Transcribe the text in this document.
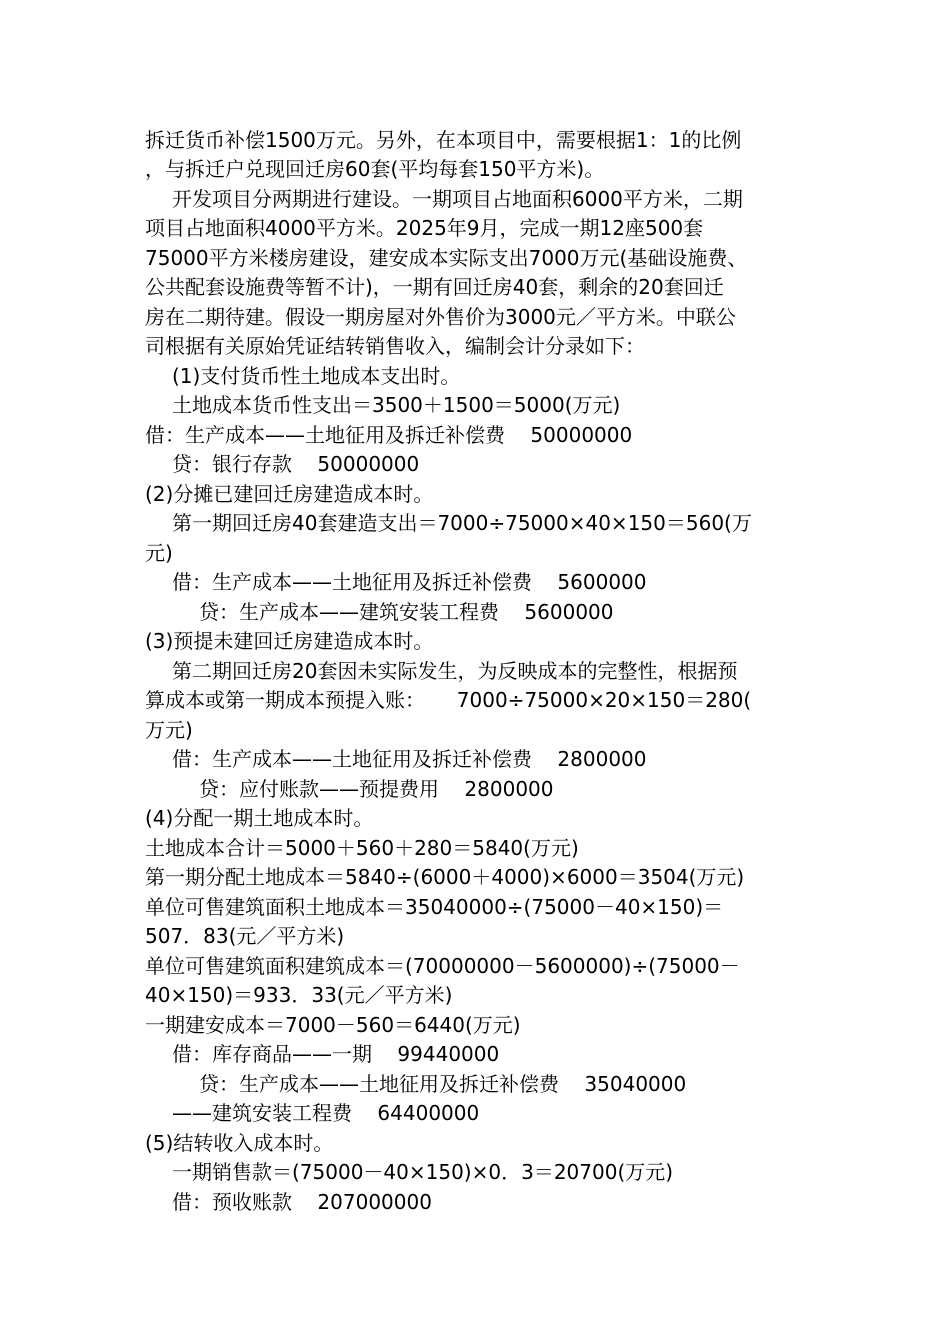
拆迁货币补偿1500万元。另外，在本项目中，需要根据1：1的比例
，与拆迁户兑现回迁房60套(平均每套150平方米)。
开发项目分两期进行建设。一期项目占地面积6000平方米，二期
项目占地面积4000平方米。2025年9月，完成一期12座500套
75000平方米楼房建设，建安成本实际支出7000万元(基础设施费、
公共配套设施费等暂不计)，一期有回迁房40套，剩余的20套回迁
房在二期待建。假设一期房屋对外售价为3000元／平方米。中联公
司根据有关原始凭证结转销售收入，编制会计分录如下：
(1)支付货币性土地成本支出时。
土地成本货币性支出＝3500＋1500＝5000(万元)
借：生产成本——土地征用及拆迁补偿费    50000000
贷：银行存款    50000000
(2)分摊已建回迁房建造成本时。
第一期回迁房40套建造支出＝7000÷75000×40×150＝560(万
元)
借：生产成本——土地征用及拆迁补偿费    5600000
贷：生产成本——建筑安装工程费    5600000
(3)预提未建回迁房建造成本时。
第二期回迁房20套因未实际发生，为反映成本的完整性，根据预
算成本或第一期成本预提入账：     7000÷75000×20×150＝280(
万元)
借：生产成本——土地征用及拆迁补偿费    2800000
贷：应付账款——预提费用    2800000
(4)分配一期土地成本时。
土地成本合计＝5000＋560＋280＝5840(万元)
第一期分配土地成本＝5840÷(6000＋4000)×6000＝3504(万元)
单位可售建筑面积土地成本＝35040000÷(75000－40×150)＝
507．83(元／平方米)
单位可售建筑面积建筑成本＝(70000000－5600000)÷(75000－
40×150)＝933．33(元／平方米)
一期建安成本＝7000－560＝6440(万元)
借：库存商品——一期    99440000
贷：生产成本——土地征用及拆迁补偿费    35040000
——建筑安装工程费    64400000
(5)结转收入成本时。
一期销售款＝(75000－40×150)×0．3＝20700(万元)
借：预收账款    207000000
